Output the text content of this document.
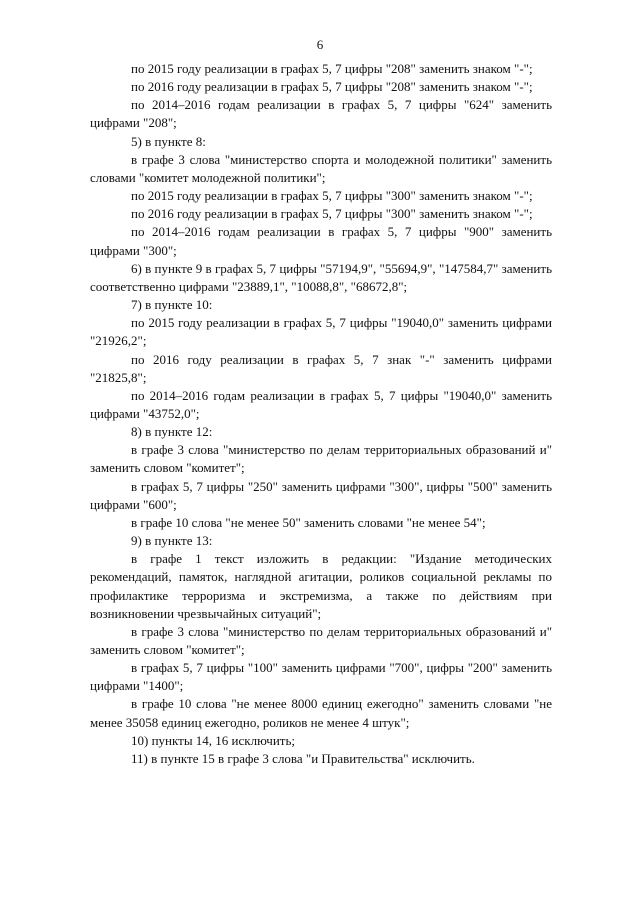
6

по 2015 году реализации в графах 5, 7 цифры "208" заменить знаком "-";

по 2016 году реализации в графах 5, 7 цифры "208" заменить знаком "-";

по 2014–2016 годам реализации в графах 5, 7 цифры "624" заменить цифрами "208";

5) в пункте 8:

в графе 3 слова "министерство спорта и молодежной политики" заменить словами "комитет молодежной политики";

по 2015 году реализации в графах 5, 7 цифры "300" заменить знаком "-";

по 2016 году реализации в графах 5, 7 цифры "300" заменить знаком "-";

по 2014–2016 годам реализации в графах 5, 7 цифры "900" заменить цифрами "300";

6) в пункте 9 в графах 5, 7 цифры "57194,9", "55694,9", "147584,7" заменить соответственно цифрами "23889,1", "10088,8", "68672,8";

7) в пункте 10:

по 2015 году реализации в графах 5, 7 цифры "19040,0" заменить цифрами "21926,2";

по 2016 году реализации в графах 5, 7 знак "-" заменить цифрами "21825,8";

по 2014–2016 годам реализации в графах 5, 7 цифры "19040,0" заменить цифрами "43752,0";

8) в пункте 12:

в графе 3 слова "министерство по делам территориальных образований и" заменить словом "комитет";

в графах 5, 7 цифры "250" заменить цифрами "300", цифры "500" заменить цифрами "600";

в графе 10 слова "не менее 50" заменить словами "не менее 54";

9) в пункте 13:

в графе 1 текст изложить в редакции: "Издание методических рекомендаций, памяток, наглядной агитации, роликов социальной рекламы по профилактике терроризма и экстремизма, а также по действиям при возникновении чрезвычайных ситуаций";

в графе 3 слова "министерство по делам территориальных образований и" заменить словом "комитет";

в графах 5, 7 цифры "100" заменить цифрами "700", цифры "200" заменить цифрами "1400";

в графе 10 слова "не менее 8000 единиц ежегодно" заменить словами "не менее 35058 единиц ежегодно, роликов не менее 4 штук";

10) пункты 14, 16 исключить;

11) в пункте 15 в графе 3 слова "и Правительства" исключить.
